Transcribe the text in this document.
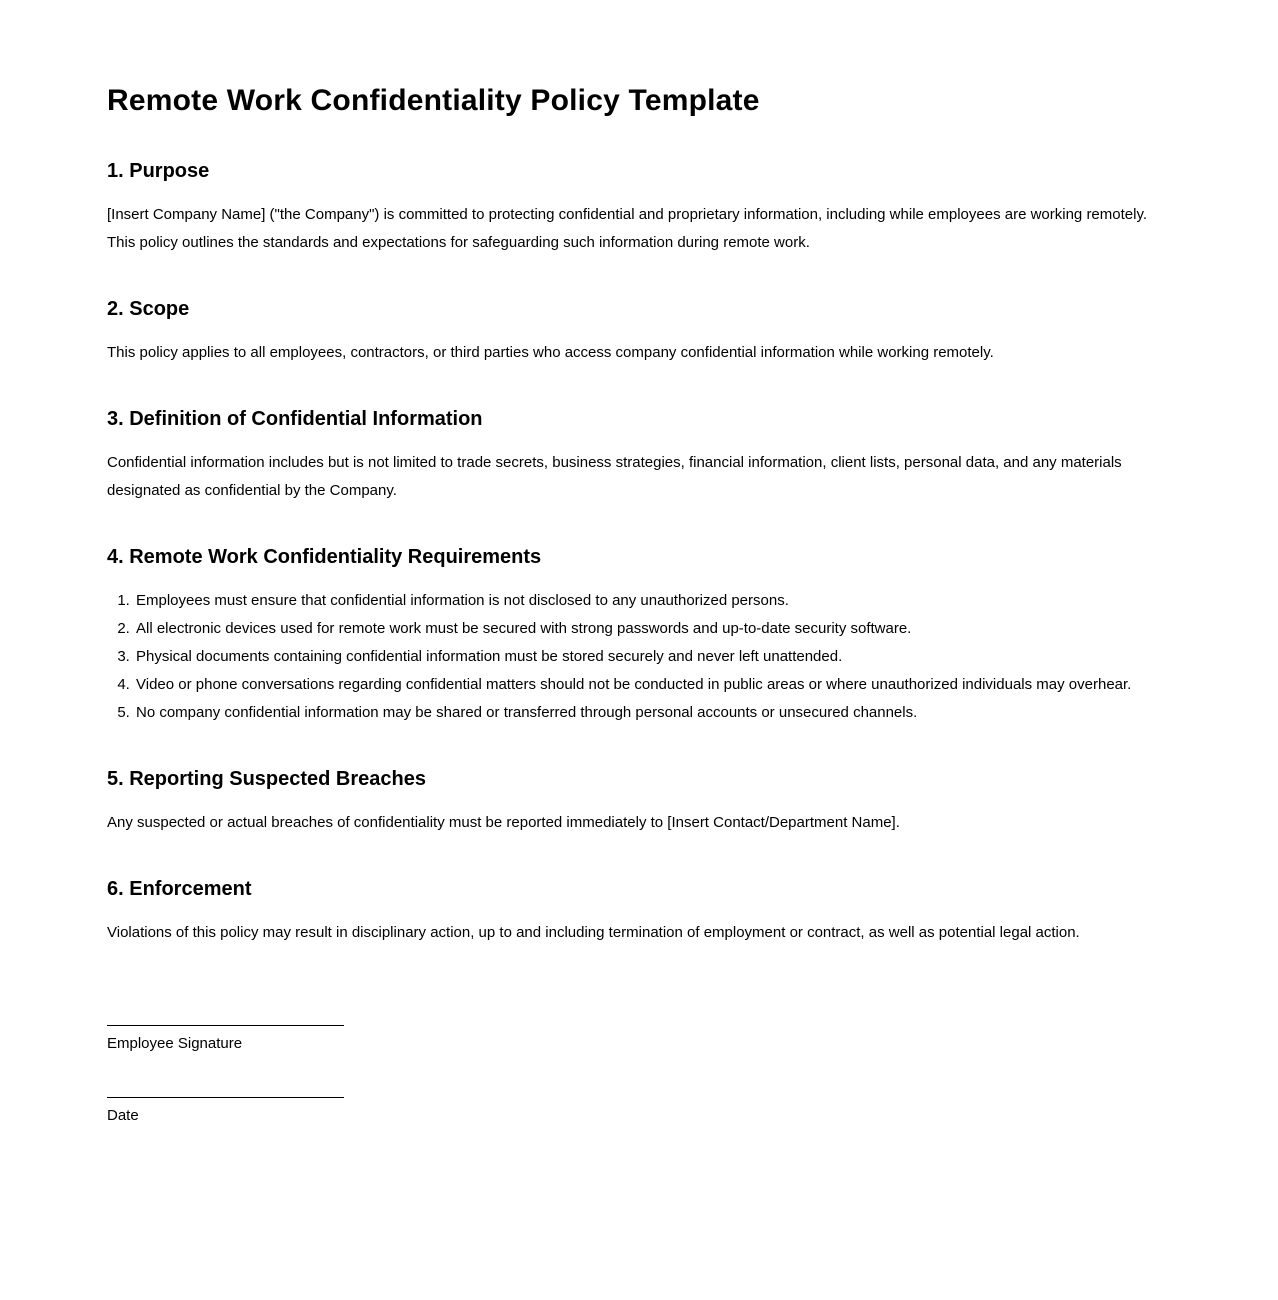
Remote Work Confidentiality Policy Template
1. Purpose

[Insert Company Name] ("the Company") is committed to protecting confidential and proprietary information, including while employees are working remotely. This policy outlines the standards and expectations for safeguarding such information during remote work.

2. Scope

This policy applies to all employees, contractors, or third parties who access company confidential information while working remotely.

3. Definition of Confidential Information

Confidential information includes but is not limited to trade secrets, business strategies, financial information, client lists, personal data, and any materials designated as confidential by the Company.

4. Remote Work Confidentiality Requirements
1. Employees must ensure that confidential information is not disclosed to any unauthorized persons.
2. All electronic devices used for remote work must be secured with strong passwords and up-to-date security software.
3. Physical documents containing confidential information must be stored securely and never left unattended.
4. Video or phone conversations regarding confidential matters should not be conducted in public areas or where unauthorized individuals may overhear.
5. No company confidential information may be shared or transferred through personal accounts or unsecured channels.
5. Reporting Suspected Breaches

Any suspected or actual breaches of confidentiality must be reported immediately to [Insert Contact/Department Name].

6. Enforcement

Violations of this policy may result in disciplinary action, up to and including termination of employment or contract, as well as potential legal action.

Employee Signature
Date
